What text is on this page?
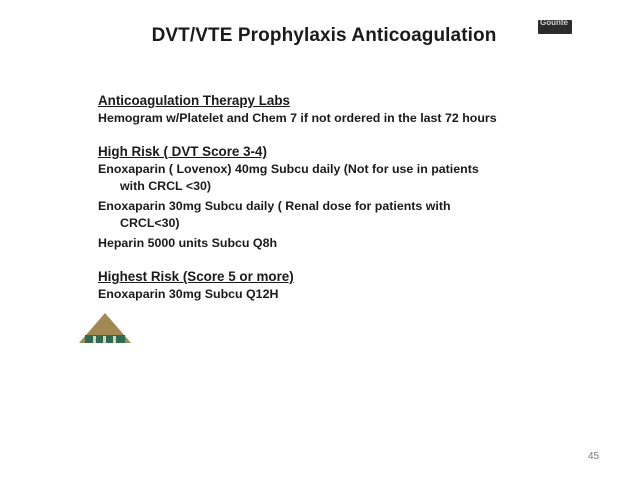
DVT/VTE Prophylaxis Anticoagulation
Gounte
Anticoagulation Therapy Labs
Hemogram w/Platelet and Chem 7 if not ordered in the last 72 hours
High Risk ( DVT Score 3-4)
Enoxaparin ( Lovenox) 40mg Subcu daily (Not for use in patients
with CRCL <30)
Enoxaparin 30mg Subcu daily ( Renal dose for patients with
CRCL<30)
Heparin 5000 units Subcu Q8h
Highest Risk (Score 5 or more)
Enoxaparin 30mg Subcu Q12H
45
